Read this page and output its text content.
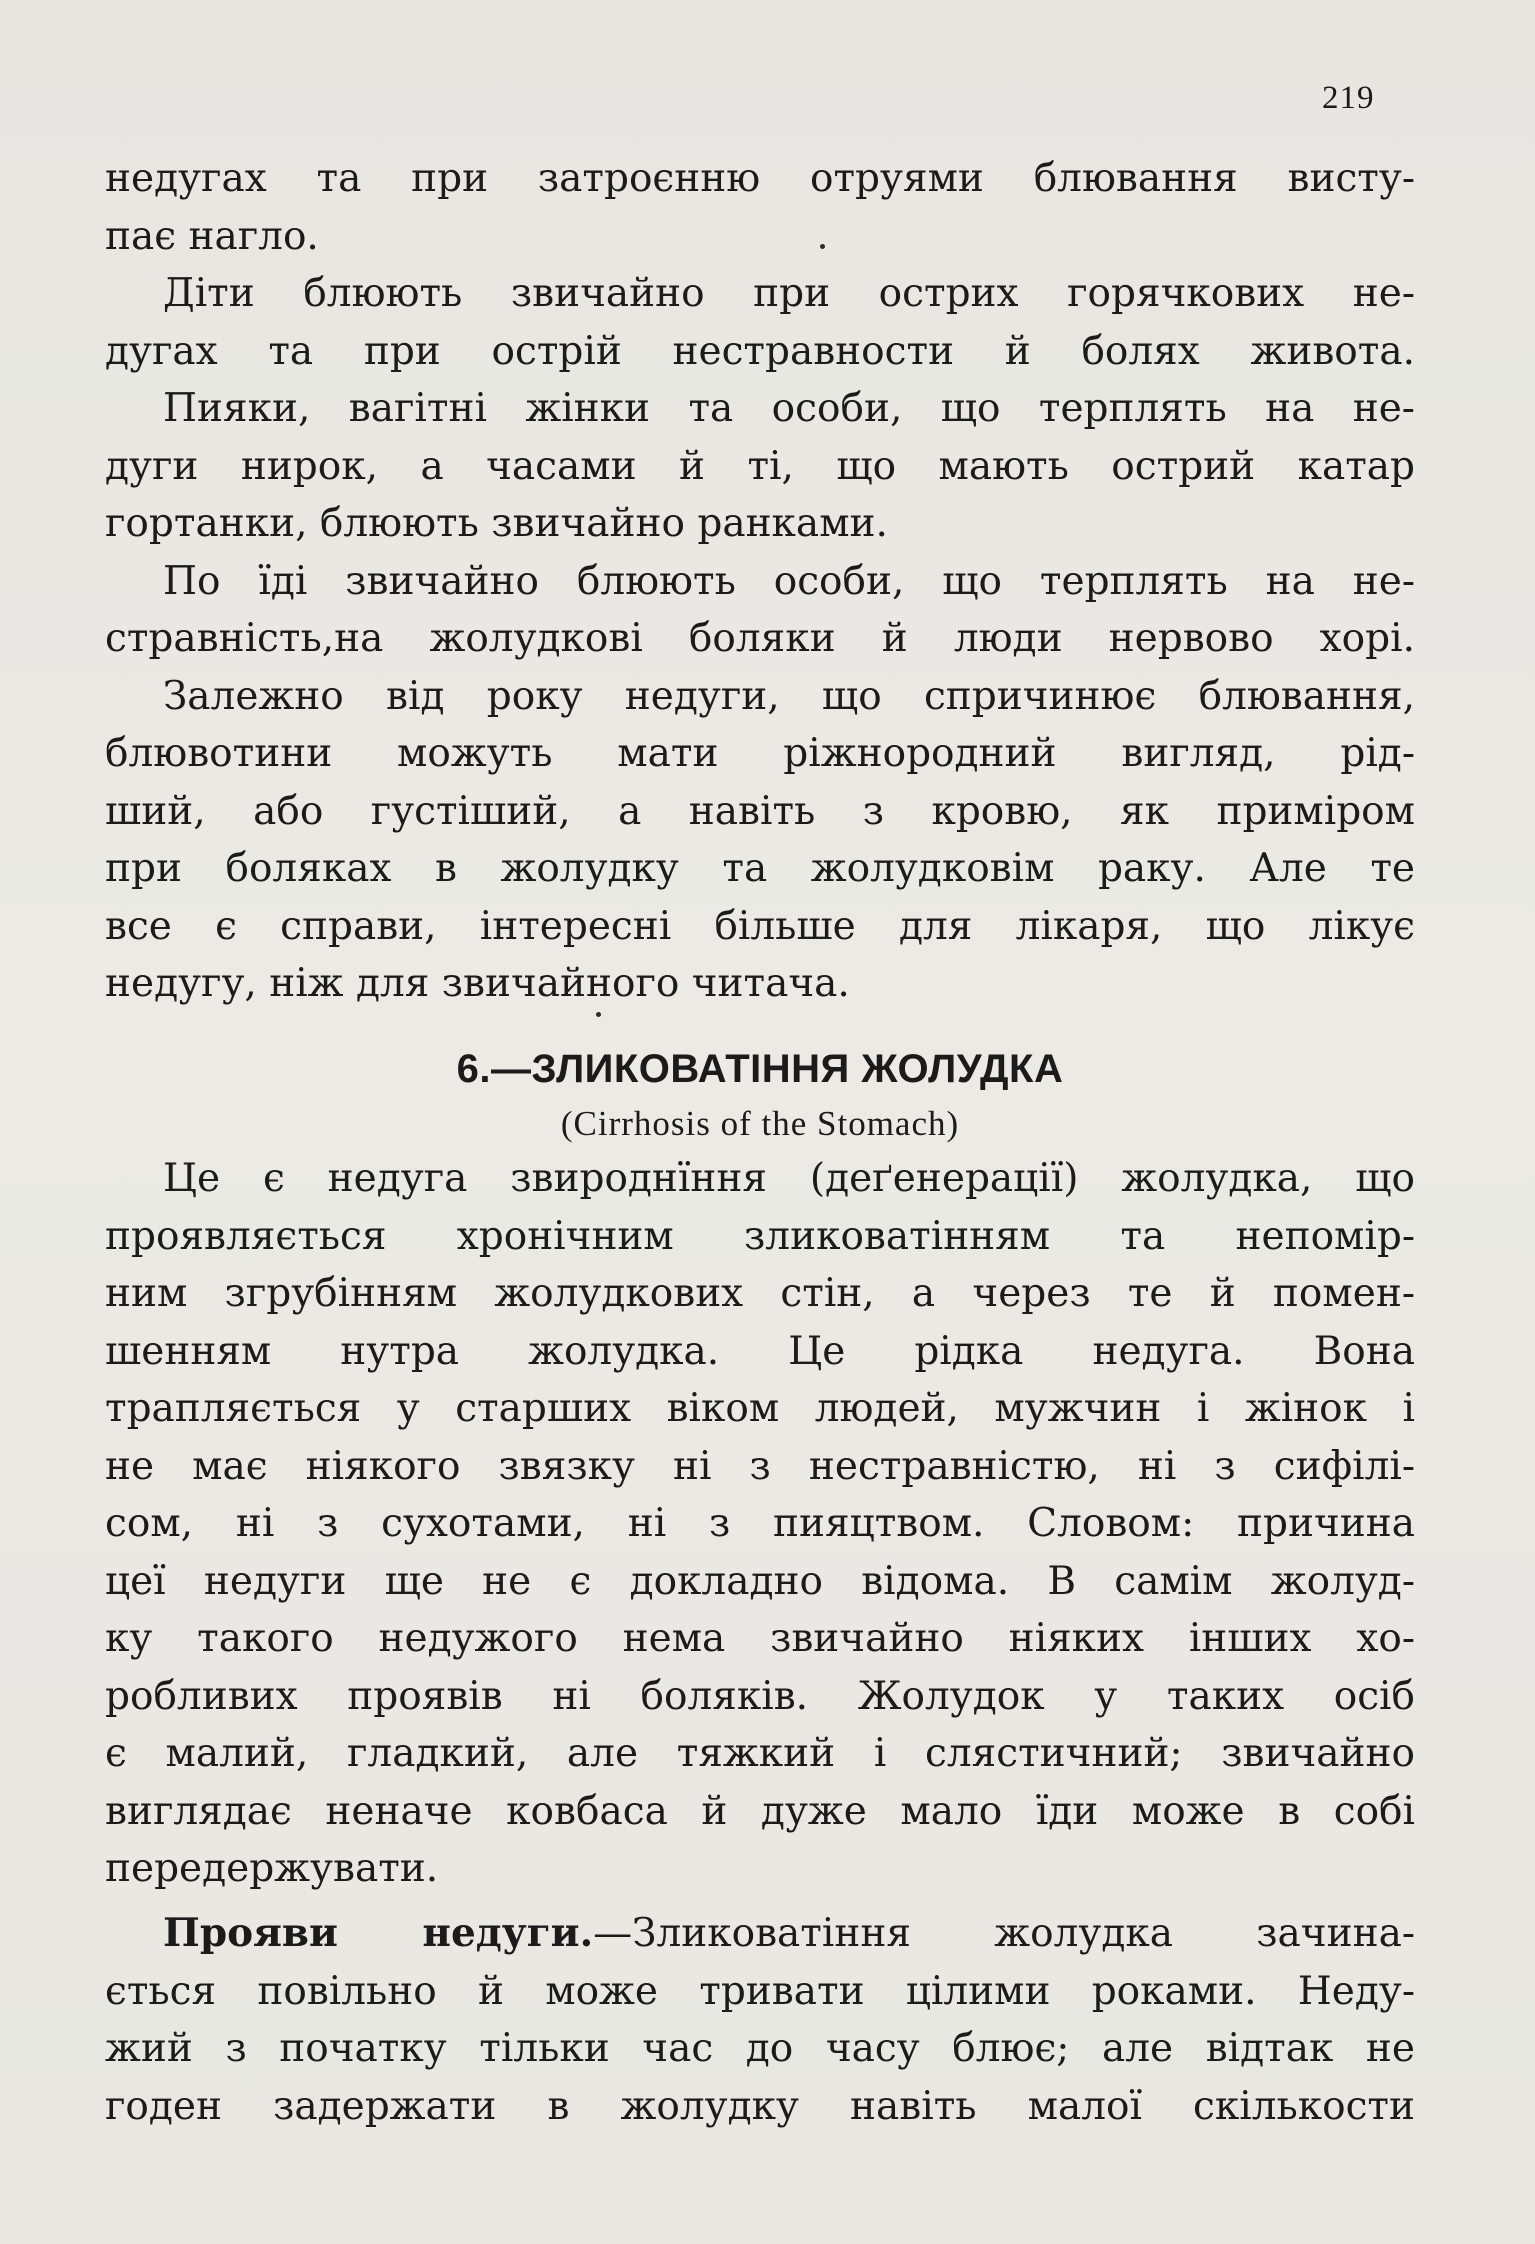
219
недугах та при затроєнню отруями блювання висту-
пає нагло.
Діти блюють звичайно при острих горячкових не-
дугах та при острій нестравности й болях живота.
Пияки, вагітні жінки та особи, що терплять на не-
дуги нирок, а часами й ті, що мають острий катар
гортанки, блюють звичайно ранками.
По їді звичайно блюють особи, що терплять на не-
стравність,на жолудкові боляки й люди нервово хорі.
Залежно від року недуги, що спричинює блювання,
блювотини можуть мати ріжнородний вигляд, рід-
ший, або густіший, а навіть з кровю, як приміром
при боляках в жолудку та жолудковім раку. Але те
все є справи, інтересні більше для лікаря, що лікує
недугу, ніж для звичайного читача.
6.—ЗЛИКОВАТІННЯ ЖОЛУДКА
(Cirrhosis of the Stomach)
Це є недуга звироднїння (деґенерації) жолудка, що
проявляється хронічним зликоватінням та непомір-
ним згрубінням жолудкових стін, а через те й помен-
шенням нутра жолудка. Це рідка недуга. Вона
трапляється у старших віком людей, мужчин і жінок і
не має ніякого звязку ні з нестравністю, ні з сифілі-
сом, ні з сухотами, ні з пияцтвом. Словом: причина
цеї недуги ще не є докладно відома. В самім жолуд-
ку такого недужого нема звичайно ніяких інших хо-
робливих проявів ні боляків. Жолудок у таких осіб
є малий, гладкий, але тяжкий і слястичний; звичайно
виглядає неначе ковбаса й дуже мало їди може в собі
передержувати.
Прояви недуги.—Зликоватіння жолудка зачина-
ється повільно й може тривати цілими роками. Неду-
жий з початку тільки час до часу блює; але відтак не
годен задержати в жолудку навіть малої скількости
